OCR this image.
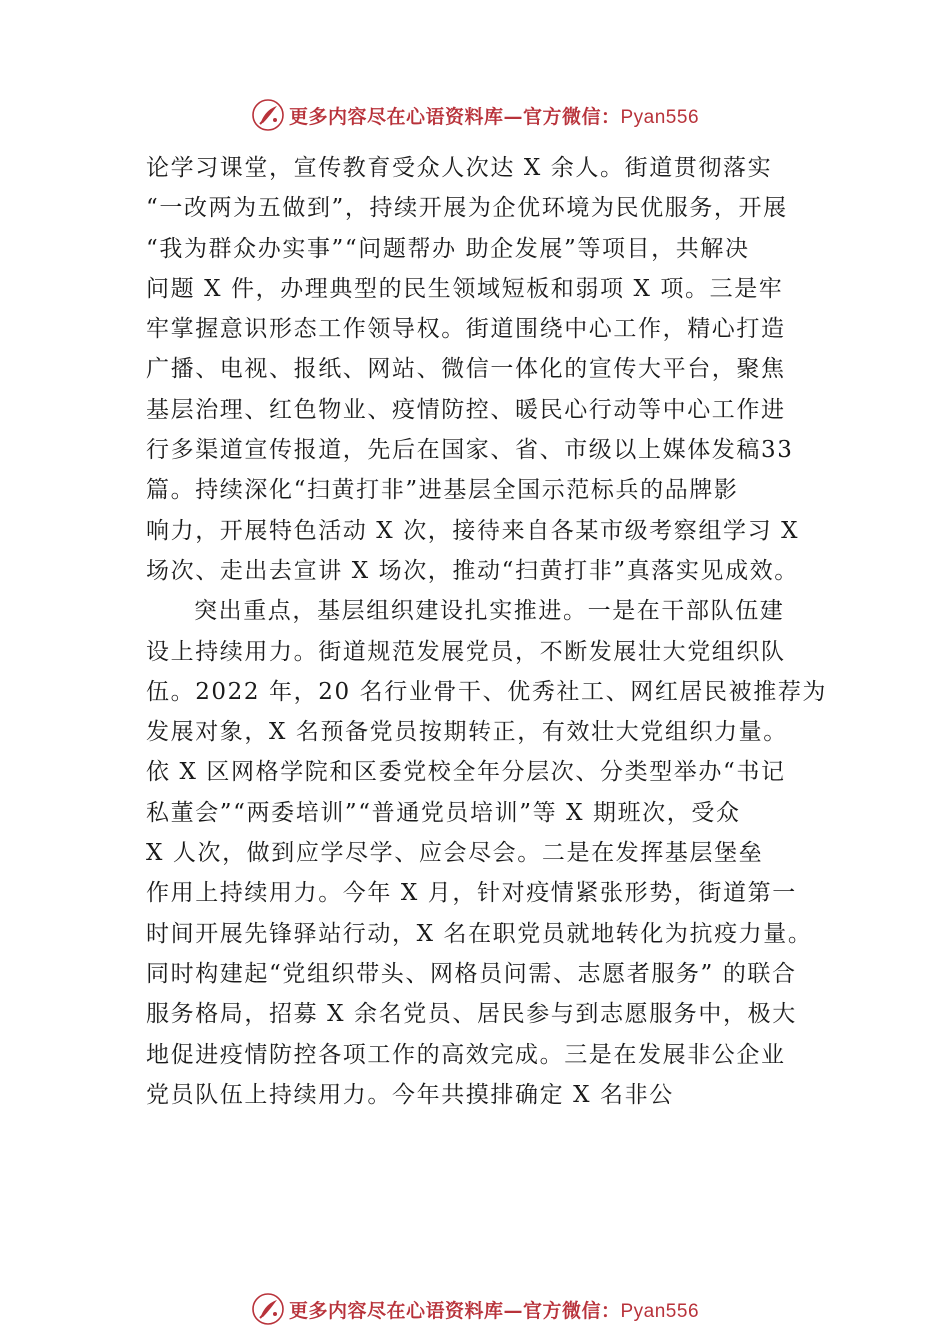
更多内容尽在心语资料库—官方微信：Pyan556
论学习课堂，宣传教育受众人次达 X 余人。街道贯彻落实
“一改两为五做到”，持续开展为企优环境为民优服务，开展
“我为群众办实事”“问题帮办 助企发展”等项目，共解决
问题 X 件，办理典型的民生领域短板和弱项 X 项。三是牢
牢掌握意识形态工作领导权。街道围绕中心工作，精心打造
广播、电视、报纸、网站、微信一体化的宣传大平台，聚焦
基层治理、红色物业、疫情防控、暖民心行动等中心工作进
行多渠道宣传报道，先后在国家、省、市级以上媒体发稿33
篇。持续深化“扫黄打非”进基层全国示范标兵的品牌影
响力，开展特色活动 X 次，接待来自各某市级考察组学习 X
场次、走出去宣讲 X 场次，推动“扫黄打非”真落实见成效。
突出重点，基层组织建设扎实推进。一是在干部队伍建
设上持续用力。街道规范发展党员，不断发展壮大党组织队
伍。2022 年，20 名行业骨干、优秀社工、网红居民被推荐为
发展对象，X 名预备党员按期转正，有效壮大党组织力量。
依 X 区网格学院和区委党校全年分层次、分类型举办“书记
私董会”“两委培训”“普通党员培训”等 X 期班次，受众
X 人次，做到应学尽学、应会尽会。二是在发挥基层堡垒
作用上持续用力。今年 X 月，针对疫情紧张形势，街道第一
时间开展先锋驿站行动，X 名在职党员就地转化为抗疫力量。
同时构建起“党组织带头、网格员问需、志愿者服务” 的联合
服务格局，招募 X 余名党员、居民参与到志愿服务中，极大
地促进疫情防控各项工作的高效完成。三是在发展非公企业
党员队伍上持续用力。今年共摸排确定 X 名非公
更多内容尽在心语资料库—官方微信：Pyan556
